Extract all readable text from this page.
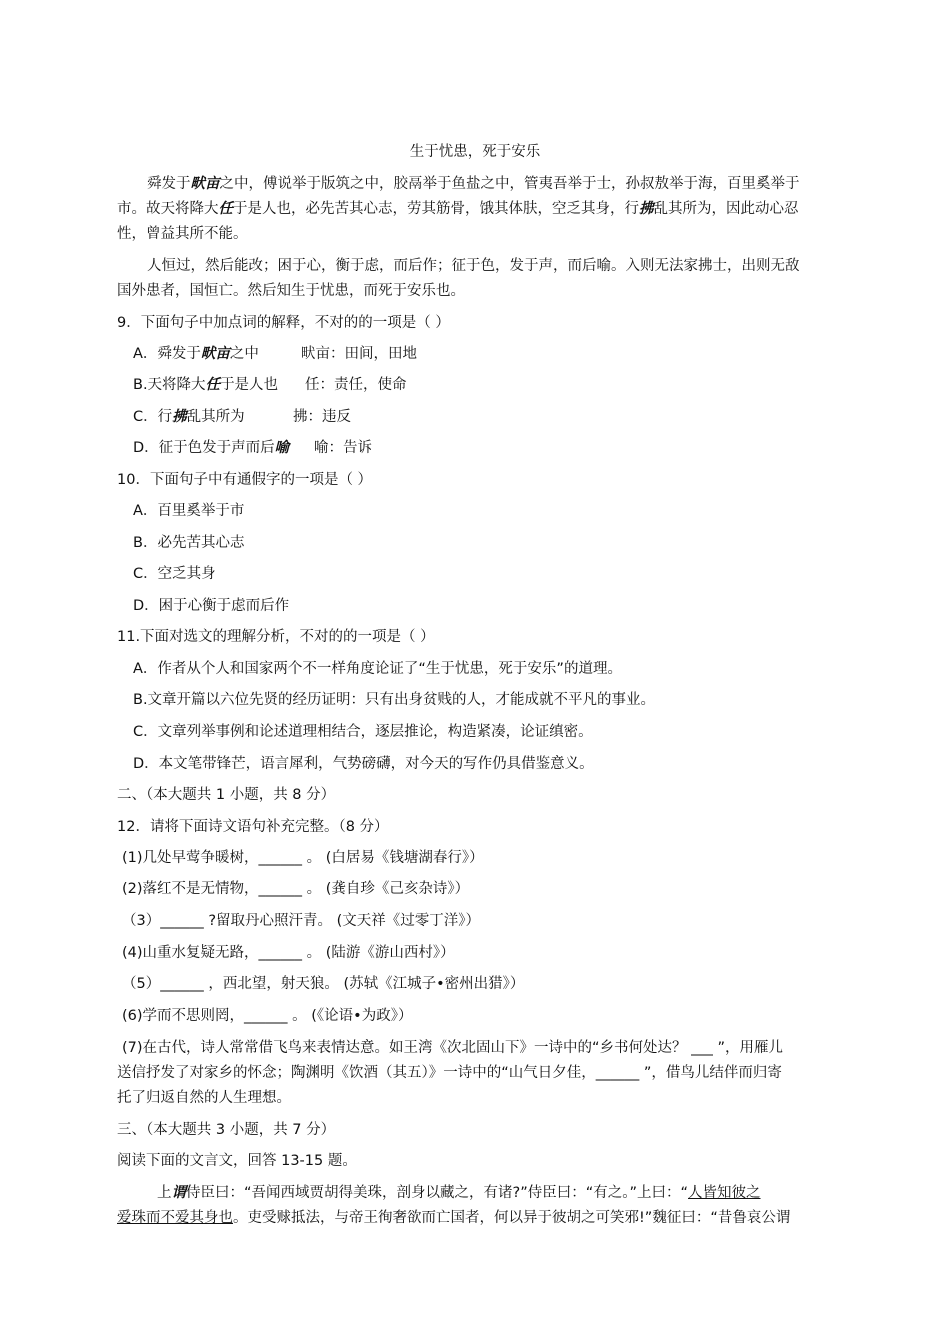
生于忧患，死于安乐
舜发于畎亩之中，傅说举于版筑之中，胶鬲举于鱼盐之中，管夷吾举于士，孙叔敖举于海，百里奚举于
市。故天将降大任于是人也，必先苦其心志，劳其筋骨，饿其体肤，空乏其身，行拂乱其所为，因此动心忍
性，曾益其所不能。
人恒过，然后能改；困于心，衡于虑，而后作；征于色，发于声，而后喻。入则无法家拂士，出则无敌
国外患者，国恒亡。然后知生于忧患，而死于安乐也。
9．下面句子中加点词的解释，不对的的一项是（ ）
A．舜发于畎亩之中	畎亩：田间，田地
B.天将降大任于是人也 任：责任，使命
C．行拂乱其所为	拂：违反
D．征于色发于声而后喻 喻：告诉
10．下面句子中有通假字的一项是（ ）
A．百里奚举于市
B．必先苦其心志
C．空乏其身
D．困于心衡于虑而后作
11.下面对选文的理解分析，不对的的一项是（ ）
A．作者从个人和国家两个不一样角度论证了“生于忧患，死于安乐”的道理。
B.文章开篇以六位先贤的经历证明：只有出身贫贱的人，才能成就不平凡的事业。
C．文章列举事例和论述道理相结合，逐层推论，构造紧凑，论证缜密。
D．本文笔带锋芒，语言犀利，气势磅礴，对今天的写作仍具借鉴意义。
二、（本大题共 1 小题，共 8 分）
12．请将下面诗文语句补充完整。（8 分）
(1)几处早莺争暖树，______ 。 (白居易《钱塘湖春行》）
(2)落红不是无情物，______ 。 (龚自珍《己亥杂诗》）
（3）______ ?留取丹心照汗青。 (文天祥《过零丁洋》）
(4)山重水复疑无路，______ 。 (陆游《游山西村》）
（5）______ ，西北望，射天狼。 (苏轼《江城子•密州出猎》）
(6)学而不思则罔，______ 。 (《论语•为政》）
(7)在古代，诗人常常借飞鸟来表情达意。如王湾《次北固山下》一诗中的“乡书何处达？ ___ ”，用雁儿
送信抒发了对家乡的怀念；陶渊明《饮酒（其五）》一诗中的“山气日夕佳，______ ”，借鸟儿结伴而归寄
托了归返自然的人生理想。
三、（本大题共 3 小题，共 7 分）
阅读下面的文言文，回答 13-15 题。
上谓侍臣曰：“吾闻西域贾胡得美珠，剖身以藏之，有诸?”侍臣曰：“有之。”上曰：“人皆知彼之
爱珠而不爱其身也。吏受赇抵法，与帝王徇奢欲而亡国者，何以异于彼胡之可笑邪!”魏征曰：“昔鲁哀公谓
